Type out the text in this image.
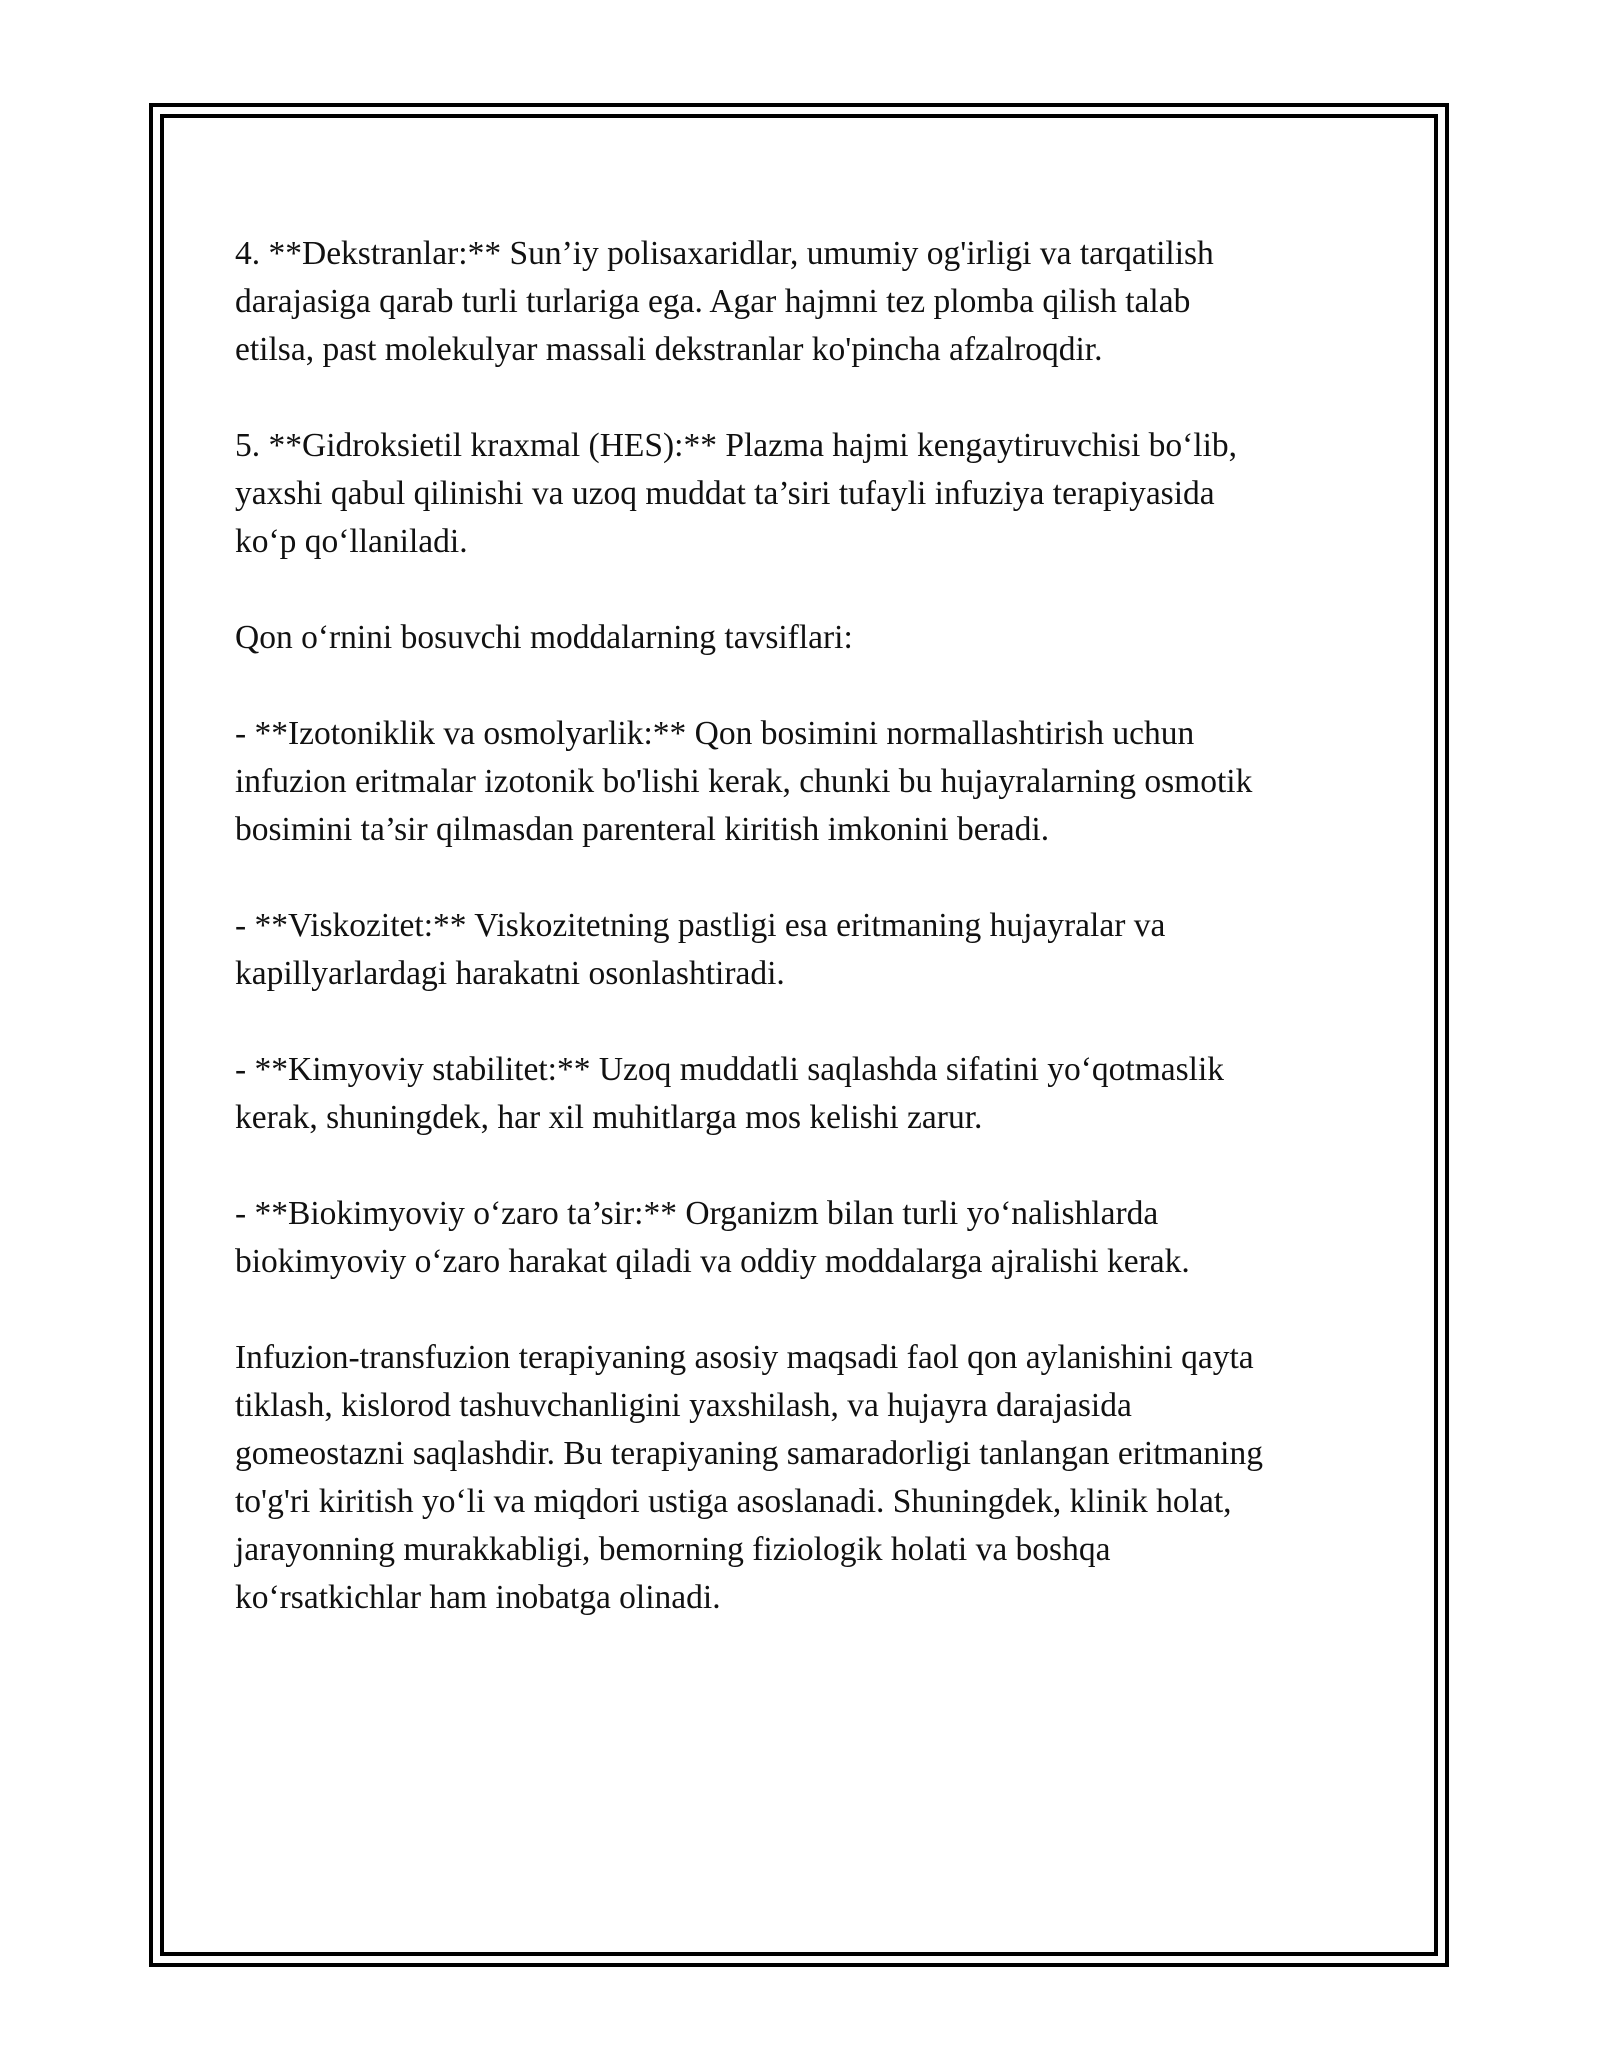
4. **Dekstranlar:** Sun’iy polisaxaridlar, umumiy og'irligi va tarqatilish
darajasiga qarab turli turlariga ega. Agar hajmni tez plomba qilish talab
etilsa, past molekulyar massali dekstranlar ko'pincha afzalroqdir.

5. **Gidroksietil kraxmal (HES):** Plazma hajmi kengaytiruvchisi bo‘lib,
yaxshi qabul qilinishi va uzoq muddat ta’siri tufayli infuziya terapiyasida
ko‘p qo‘llaniladi.

Qon o‘rnini bosuvchi moddalarning tavsiflari:

- **Izotoniklik va osmolyarlik:** Qon bosimini normallashtirish uchun
infuzion eritmalar izotonik bo'lishi kerak, chunki bu hujayralarning osmotik
bosimini ta’sir qilmasdan parenteral kiritish imkonini beradi.

- **Viskozitet:** Viskozitetning pastligi esa eritmaning hujayralar va
kapillyarlardagi harakatni osonlashtiradi.

- **Kimyoviy stabilitet:** Uzoq muddatli saqlashda sifatini yo‘qotmaslik
kerak, shuningdek, har xil muhitlarga mos kelishi zarur.

- **Biokimyoviy o‘zaro ta’sir:** Organizm bilan turli yo‘nalishlarda
biokimyoviy o‘zaro harakat qiladi va oddiy moddalarga ajralishi kerak.

Infuzion-transfuzion terapiyaning asosiy maqsadi faol qon aylanishini qayta
tiklash, kislorod tashuvchanligini yaxshilash, va hujayra darajasida
gomeostazni saqlashdir. Bu terapiyaning samaradorligi tanlangan eritmaning
to'g'ri kiritish yo‘li va miqdori ustiga asoslanadi. Shuningdek, klinik holat,
jarayonning murakkabligi, bemorning fiziologik holati va boshqa
ko‘rsatkichlar ham inobatga olinadi.
